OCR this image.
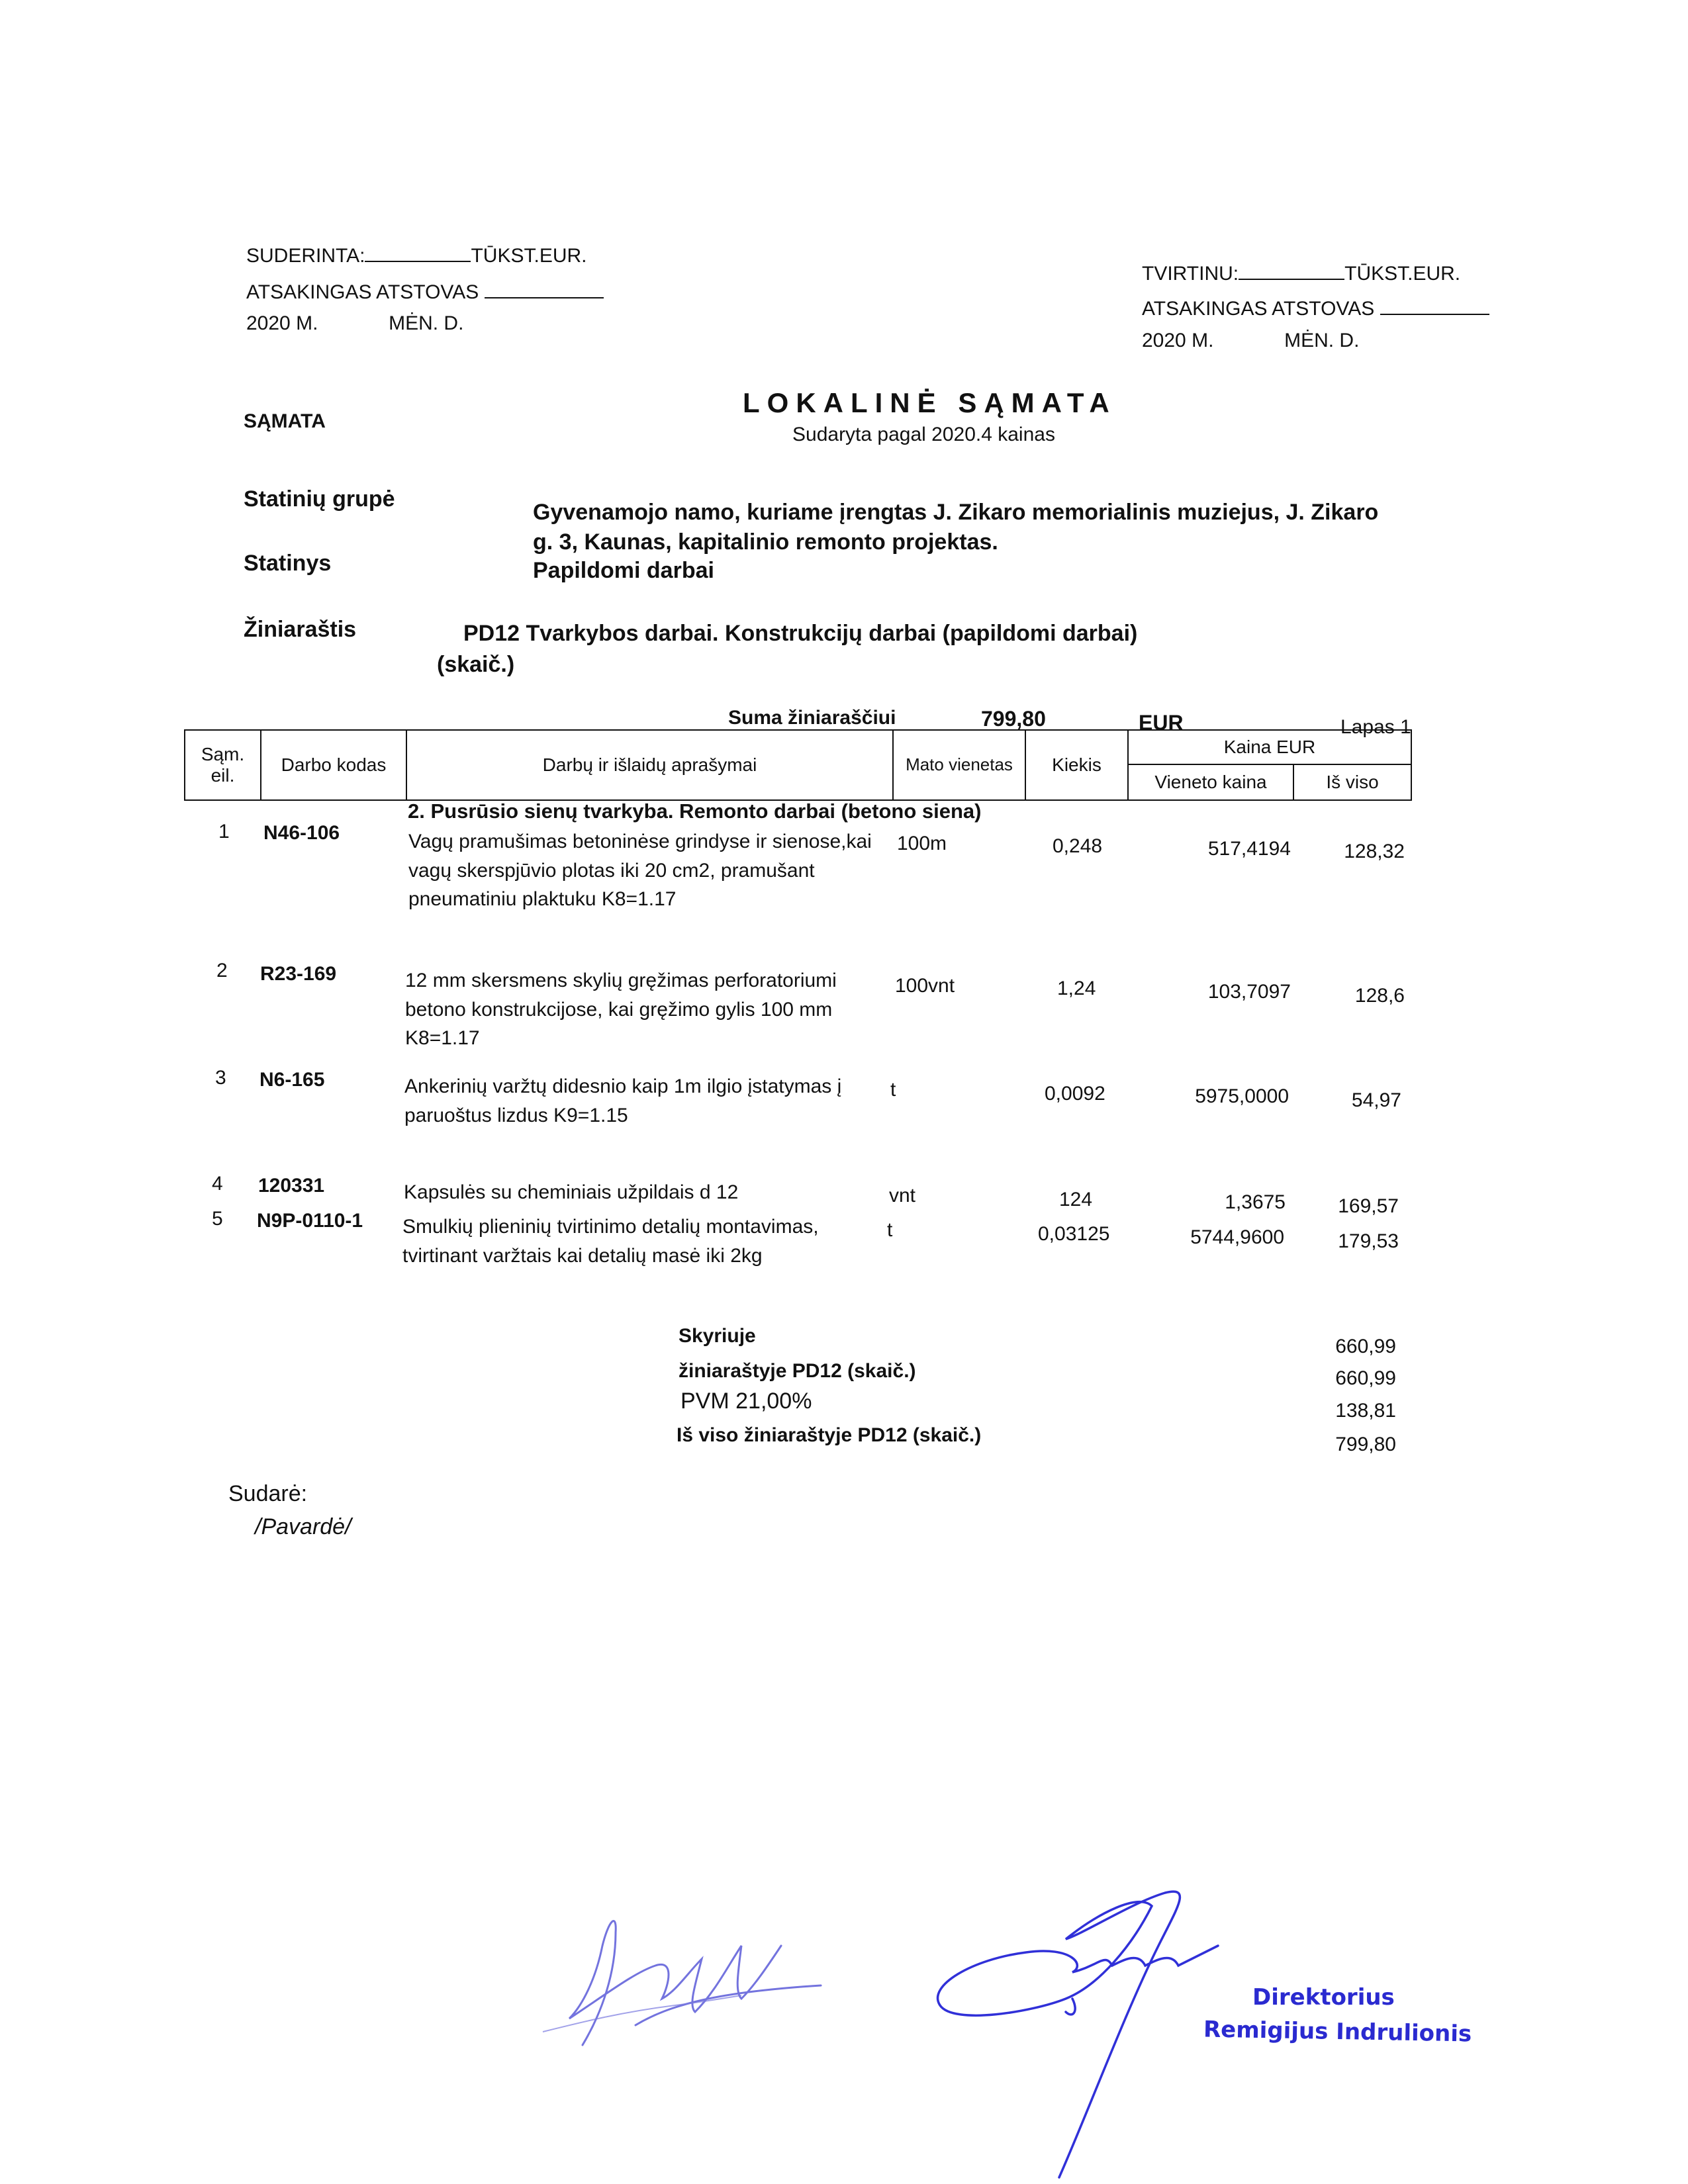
SUDERINTA:	TŪKST.EUR.
ATSAKINGAS ATSTOVAS
2020 M.	MĖN. D.
TVIRTINU:	TŪKST.EUR.
ATSAKINGAS ATSTOVAS
2020 M.	MĖN. D.
SĄMATA
LOKALINĖ SĄMATA
Sudaryta pagal 2020.4 kainas
Statinių grupė
Gyvenamojo namo, kuriame įrengtas J. Zikaro memorialinis muziejus, J. Zikaro
g. 3, Kaunas, kapitalinio remonto projektas.
Statinys	Papildomi darbai
Žiniaraštis	PD12 Tvarkybos darbai. Konstrukcijų darbai (papildomi darbai)
(skaič.)
Suma žiniaraščiui	799,80	EUR	Lapas 1
Sąm.
eil.
Darbo kodas	Darbų ir išlaidų aprašymai	Mato vienetas	Kiekis
Kaina EUR
Vieneto kaina	Iš viso
2. Pusrūsio sienų tvarkyba. Remonto darbai (betono siena)
1 N46-106	Vagų pramušimas betoninėse grindyse ir sienose,kai
vagų skerspjūvio plotas iki 20 cm2, pramušant
pneumatiniu plaktuku K8=1.17
100m	0,248	517,4194	128,32
2 R23-169	12 mm skersmens skylių gręžimas perforatoriumi
betono konstrukcijose, kai gręžimo gylis 100 mm
K8=1.17
100vnt	1,24	103,7097	128,6
3 N6-165	Ankerinių varžtų didesnio kaip 1m ilgio įstatymas į
paruoštus lizdus K9=1.15
t	0,0092	5975,0000	54,97
4 120331	Kapsulės su cheminiais užpildais d 12	vnt	124	1,3675	169,57
5 N9P-0110-1 Smulkių plieninių tvirtinimo detalių montavimas,
tvirtinant varžtais kai detalių masė iki 2kg
t	0,03125	5744,9600	179,53
Skyriuje	660,99
žiniaraštyje PD12 (skaič.)	660,99
PVM 21,00%	138,81
Iš viso žiniaraštyje PD12 (skaič.)	799,80
Sudarė:
/Pavardė/
Direktorius
Remigijus Indrulionis
